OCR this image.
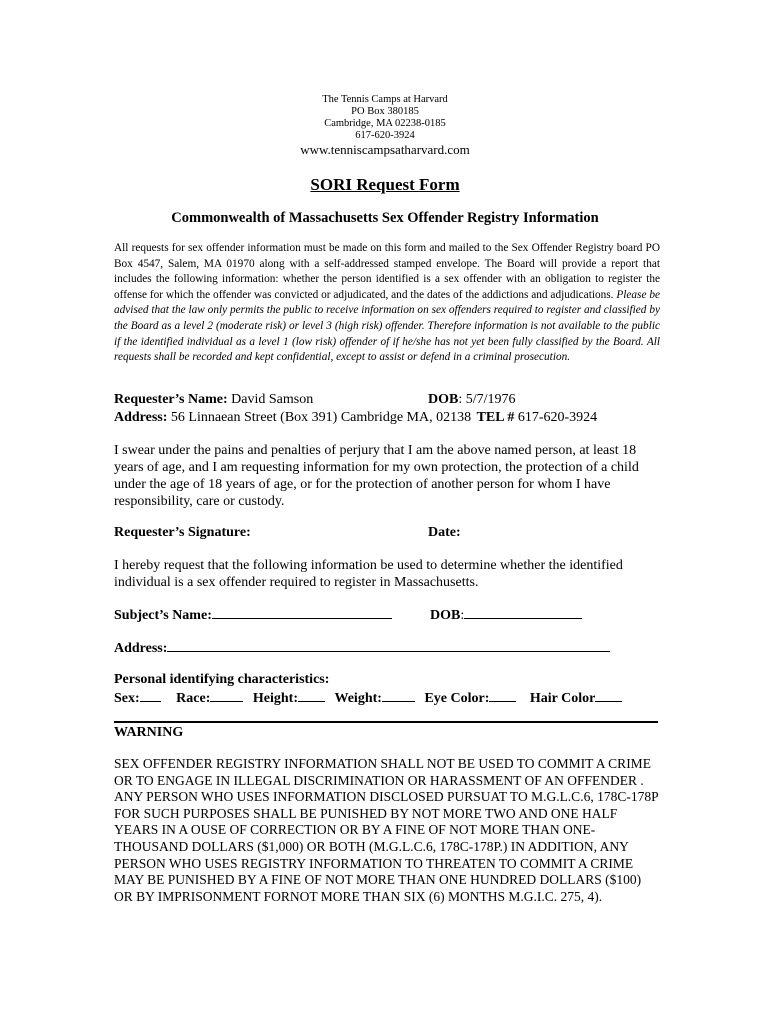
The Tennis Camps at Harvard
PO Box 380185
Cambridge, MA 02238-0185
617-620-3924
www.tenniscampsatharvard.com
SORI Request Form
Commonwealth of Massachusetts Sex Offender Registry Information
All requests for sex offender information must be made on this form and mailed to the Sex Offender Registry board PO Box 4547, Salem, MA 01970 along with a self-addressed stamped envelope. The Board will provide a report that includes the following information: whether the person identified is a sex offender with an obligation to register the offense for which the offender was convicted or adjudicated, and the dates of the addictions and adjudications. Please be advised that the law only permits the public to receive information on sex offenders required to register and classified by the Board as a level 2 (moderate risk) or level 3 (high risk) offender. Therefore information is not available to the public if the identified individual as a level 1 (low risk) offender of if he/she has not yet been fully classified by the Board. All requests shall be recorded and kept confidential, except to assist or defend in a criminal prosecution.
Requester’s Name: David Samson	DOB: 5/7/1976
Address: 56 Linnaean Street (Box 391) Cambridge MA, 02138 TEL # 617-620-3924
I swear under the pains and penalties of perjury that I am the above named person, at least 18 years of age, and I am requesting information for my own protection, the protection of a child under the age of 18 years of age, or for the protection of another person for whom I have responsibility, care or custody.
Requester’s Signature:	Date:
I hereby request that the following information be used to determine whether the identified individual is a sex offender required to register in Massachusetts.
Subject’s Name:	DOB:
Address:
Personal identifying characteristics:
Sex:	Race:	Height:	Weight:	Eye Color:	Hair Color
WARNING
SEX OFFENDER REGISTRY INFORMATION SHALL NOT BE USED TO COMMIT A CRIME OR TO ENGAGE IN ILLEGAL DISCRIMINATION OR HARASSMENT OF AN OFFENDER . ANY PERSON WHO USES INFORMATION DISCLOSED PURSUAT TO M.G.L.C.6, 178C-178P FOR SUCH PURPOSES SHALL BE PUNISHED BY NOT MORE TWO AND ONE HALF YEARS IN A OUSE OF CORRECTION OR BY A FINE OF NOT MORE THAN ONE-THOUSAND DOLLARS ($1,000) OR BOTH (M.G.L.C.6, 178C-178P.) IN ADDITION, ANY PERSON WHO USES REGISTRY INFORMATION TO THREATEN TO COMMIT A CRIME MAY BE PUNISHED BY A FINE OF NOT MORE THAN ONE HUNDRED DOLLARS ($100) OR BY IMPRISONMENT FORNOT MORE THAN SIX (6) MONTHS M.G.I.C. 275, 4).
